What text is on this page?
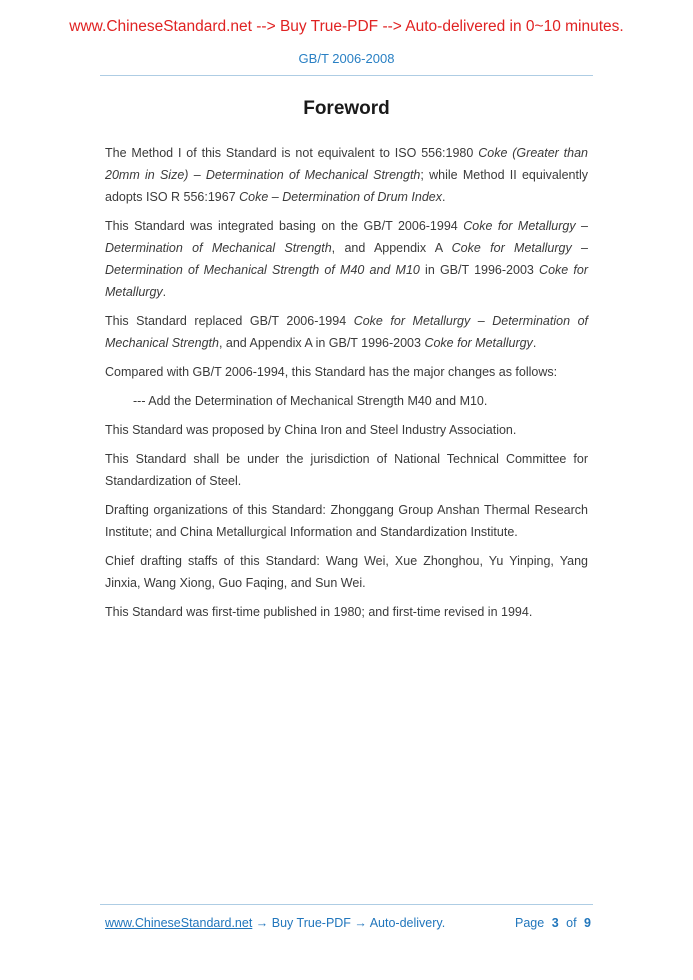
www.ChineseStandard.net --> Buy True-PDF --> Auto-delivered in 0~10 minutes.
GB/T 2006-2008
Foreword

The Method I of this Standard is not equivalent to ISO 556:1980 Coke (Greater than 20mm in Size) – Determination of Mechanical Strength; while Method II equivalently adopts ISO R 556:1967 Coke – Determination of Drum Index.

This Standard was integrated basing on the GB/T 2006-1994 Coke for Metallurgy – Determination of Mechanical Strength, and Appendix A Coke for Metallurgy – Determination of Mechanical Strength of M40 and M10 in GB/T 1996-2003 Coke for Metallurgy.

This Standard replaced GB/T 2006-1994 Coke for Metallurgy – Determination of Mechanical Strength, and Appendix A in GB/T 1996-2003 Coke for Metallurgy.

Compared with GB/T 2006-1994, this Standard has the major changes as follows:

--- Add the Determination of Mechanical Strength M40 and M10.

This Standard was proposed by China Iron and Steel Industry Association.

This Standard shall be under the jurisdiction of National Technical Committee for Standardization of Steel.

Drafting organizations of this Standard: Zhonggang Group Anshan Thermal Research Institute; and China Metallurgical Information and Standardization Institute.

Chief drafting staffs of this Standard: Wang Wei, Xue Zhonghou, Yu Yinping, Yang Jinxia, Wang Xiong, Guo Faqing, and Sun Wei.

This Standard was first-time published in 1980; and first-time revised in 1994.

www.ChineseStandard.net → Buy True-PDF → Auto-delivery.	Page 3 of 9
